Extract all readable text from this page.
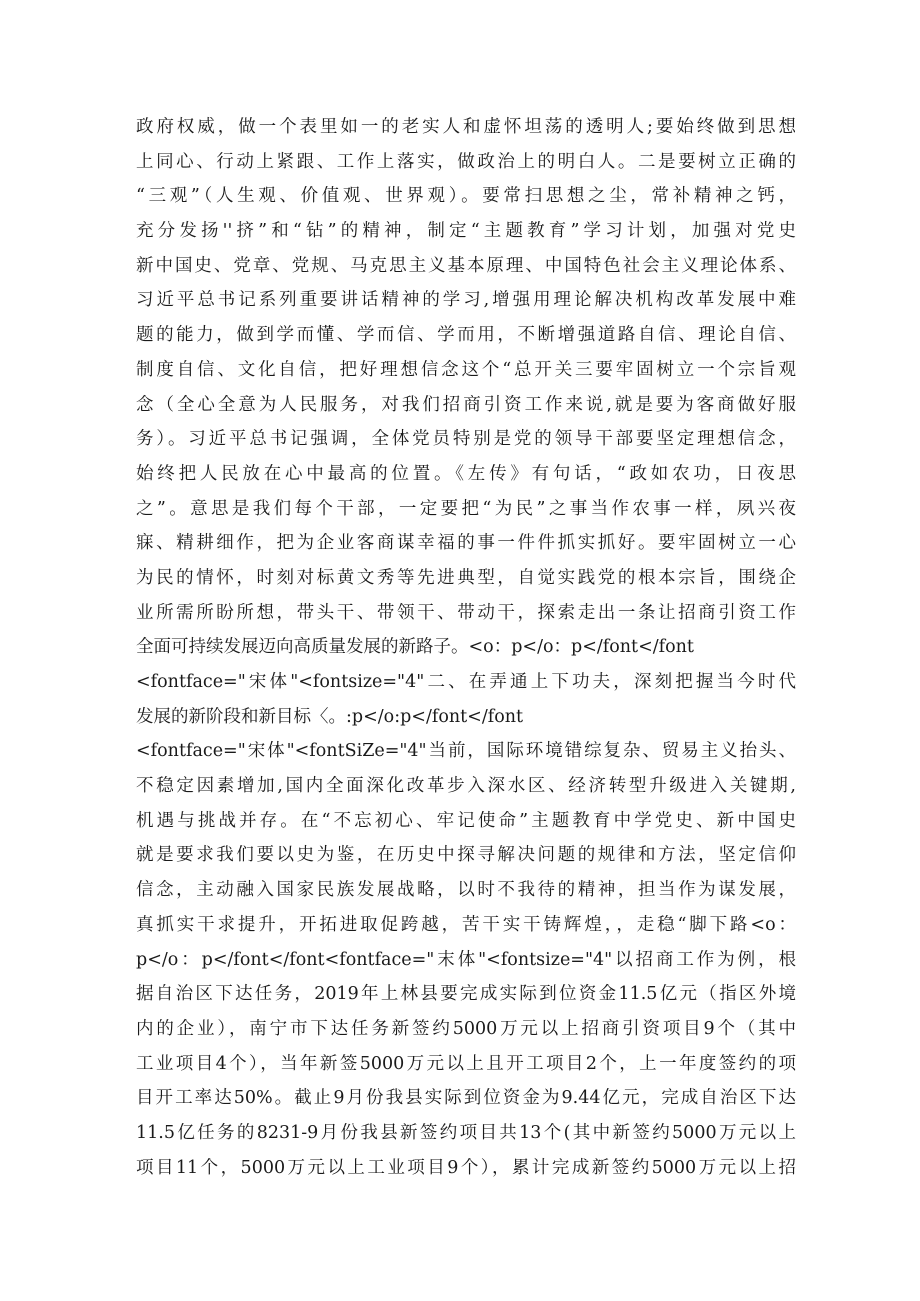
政府权威，做一个表里如一的老实人和虚怀坦荡的透明人;要始终做到思想
上同心、行动上紧跟、工作上落实，做政治上的明白人。二是要树立正确的
“三观”（人生观、价值观、世界观）。要常扫思想之尘，常补精神之钙，
充分发扬''挤”和“钻”的精神，制定“主题教育”学习计划，加强对党史
新中国史、党章、党规、马克思主义基本原理、中国特色社会主义理论体系、
习近平总书记系列重要讲话精神的学习,增强用理论解决机构改革发展中难
题的能力，做到学而懂、学而信、学而用，不断增强道路自信、理论自信、
制度自信、文化自信，把好理想信念这个“总开关三要牢固树立一个宗旨观
念（全心全意为人民服务，对我们招商引资工作来说,就是要为客商做好服
务）。习近平总书记强调，全体党员特别是党的领导干部要坚定理想信念，
始终把人民放在心中最高的位置。《左传》有句话，“政如农功，日夜思
之”。意思是我们每个干部，一定要把“为民”之事当作农事一样，夙兴夜
寐、精耕细作，把为企业客商谋幸福的事一件件抓实抓好。要牢固树立一心
为民的情怀，时刻对标黄文秀等先进典型，自觉实践党的根本宗旨，围绕企
业所需所盼所想，带头干、带领干、带动干，探索走出一条让招商引资工作
全面可持续发展迈向高质量发展的新路子。<o：p</o：p</font</font
<fontface="宋体"<fontsize="4"二、在弄通上下功夫，深刻把握当今时代
发展的新阶段和新目标〈。:p</o:p</font</font
<fontface="宋体"<fontSiZe="4"当前，国际环境错综复杂、贸易主义抬头、
不稳定因素增加,国内全面深化改革步入深水区、经济转型升级进入关键期,
机遇与挑战并存。在“不忘初心、牢记使命”主题教育中学党史、新中国史
就是要求我们要以史为鉴，在历史中探寻解决问题的规律和方法，坚定信仰
信念，主动融入国家民族发展战略，以时不我待的精神，担当作为谋发展，
真抓实干求提升，开拓进取促跨越，苦干实干铸辉煌，，走稳“脚下路<o：
p</o：p</font</font<fontface="末体"<fontsize="4"以招商工作为例，根
据自治区下达任务，2019年上林县要完成实际到位资金11.5亿元（指区外境
内的企业），南宁市下达任务新签约5000万元以上招商引资项目9个（其中
工业项目4个），当年新签5000万元以上且开工项目2个，上一年度签约的项
目开工率达50%。截止9月份我县实际到位资金为9.44亿元，完成自治区下达
11.5亿任务的8231-9月份我县新签约项目共13个(其中新签约5000万元以上
项目11个，5000万元以上工业项目9个），累计完成新签约5000万元以上招
